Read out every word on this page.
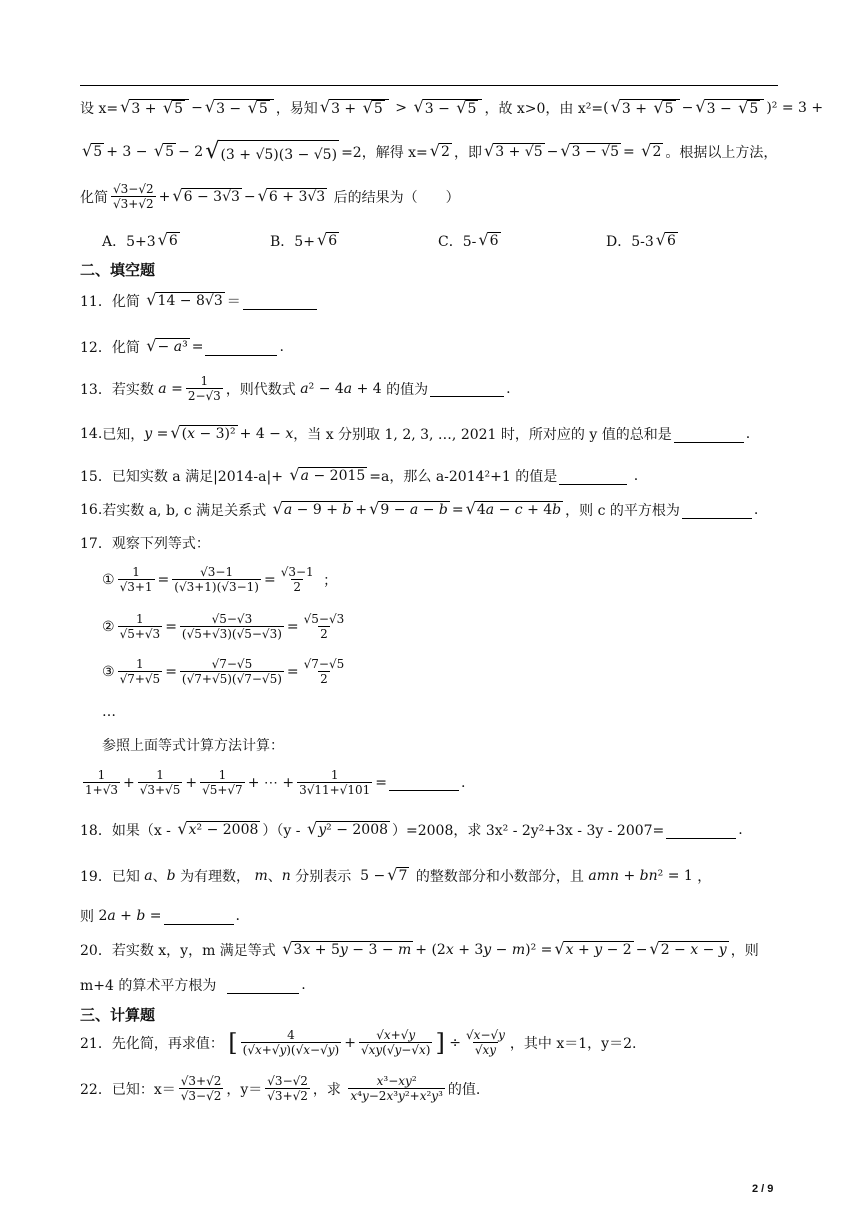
设 x= √ 3 + √ 5 − √ 3 − √ 5 ，易知 √ 3 + √ 5 > √ 3 − √ 5 ，故 x>0，由 x²= ( √ 3 + √ 5 − √ 3 − √ 5 )² = 3 +
√ 5 + 3 − √ 5 − 2 √ (3 + √5)(3 − √5) =2，解得 x= √ 2 ，即 √ 3 + √5 − √ 3 − √5 = √ 2 。根据以上方法，
化简
√3−√2
√3+√2 + √ 6 − 3√3 − √ 6 + 3√3
后的结果为（　　）
A．5+3 √ 6	B．5+ √ 6	C．5- √ 6	D．5-3 √ 6
二、填空题
11． 化简
√ 14 − 8√3 ＝

12． 化简
√ − a³ =
	.
13． 若实数
a = 1
2−√3 ，则代数式
a ² − 4 a + 4 的值为
	.
14. 已知， y = √ (x − 3)² + 4 − x ，当 x 分别取 1, 2, 3, …, 2021 时，所对应的 y 值的总和是
	.
15． 已知实数 a 满足|2014-a|+
√ a − 2015 =a，那么 a-2014²+1 的值是

	.
16. 若实数 a, b, c 满足关系式
√ a − 9 + b + √ 9 − a − b = √ 4a − c + 4b ，则 c 的平方根为
	.
17． 观察下列等式：
① 1
√3+1 =	√3−1
(√3+1)(√3−1) = √3−1
2
；
② 1
√5+√3 =	√5−√3
(√5+√3)(√5−√3) = √5−√3
2
③ 1
√7+√5 =	√7−√5
(√7+√5)(√7−√5) = √7−√5
2
…
参照上面等式计算方法计算：
1
1+√3 + 1
√3+√5 + 1
√5+√7 + ⋯ +	1
3√11+√101 =
	.
18． 如果（x -
√ x² − 2008 ）（y -
√ y² − 2008 ）=2008，求 3x² - 2y²+3x - 3y - 2007=
	.
19． 已知
a 、 b
为有理数，
m 、 n
分别表示 5 − √ 7
的整数部分和小数部分，且
amn + bn ² = 1 ，
则 2 a + b =
	.
20． 若实数 x，y，m 满足等式
√ 3x + 5y − 3 − m + (2x + 3y − m)² = √ x + y − 2 − √ 2 − x − y ，则
m+4 的算术平方根为

	.
三、计算题
21． 先化简，再求值：
[	4
(√x+√y)(√x−√y) + √x+√y
√xy(√y−√x) ] ÷ √x−√y
√xy ，其中 x＝1，y＝2.
22． 已知：x＝
√3+√2
√3−√2 ，y＝
√3−√2
√3+√2 ，求

x³−xy²
x⁴y−2x³y²+x²y³ 的值.
2 / 9
